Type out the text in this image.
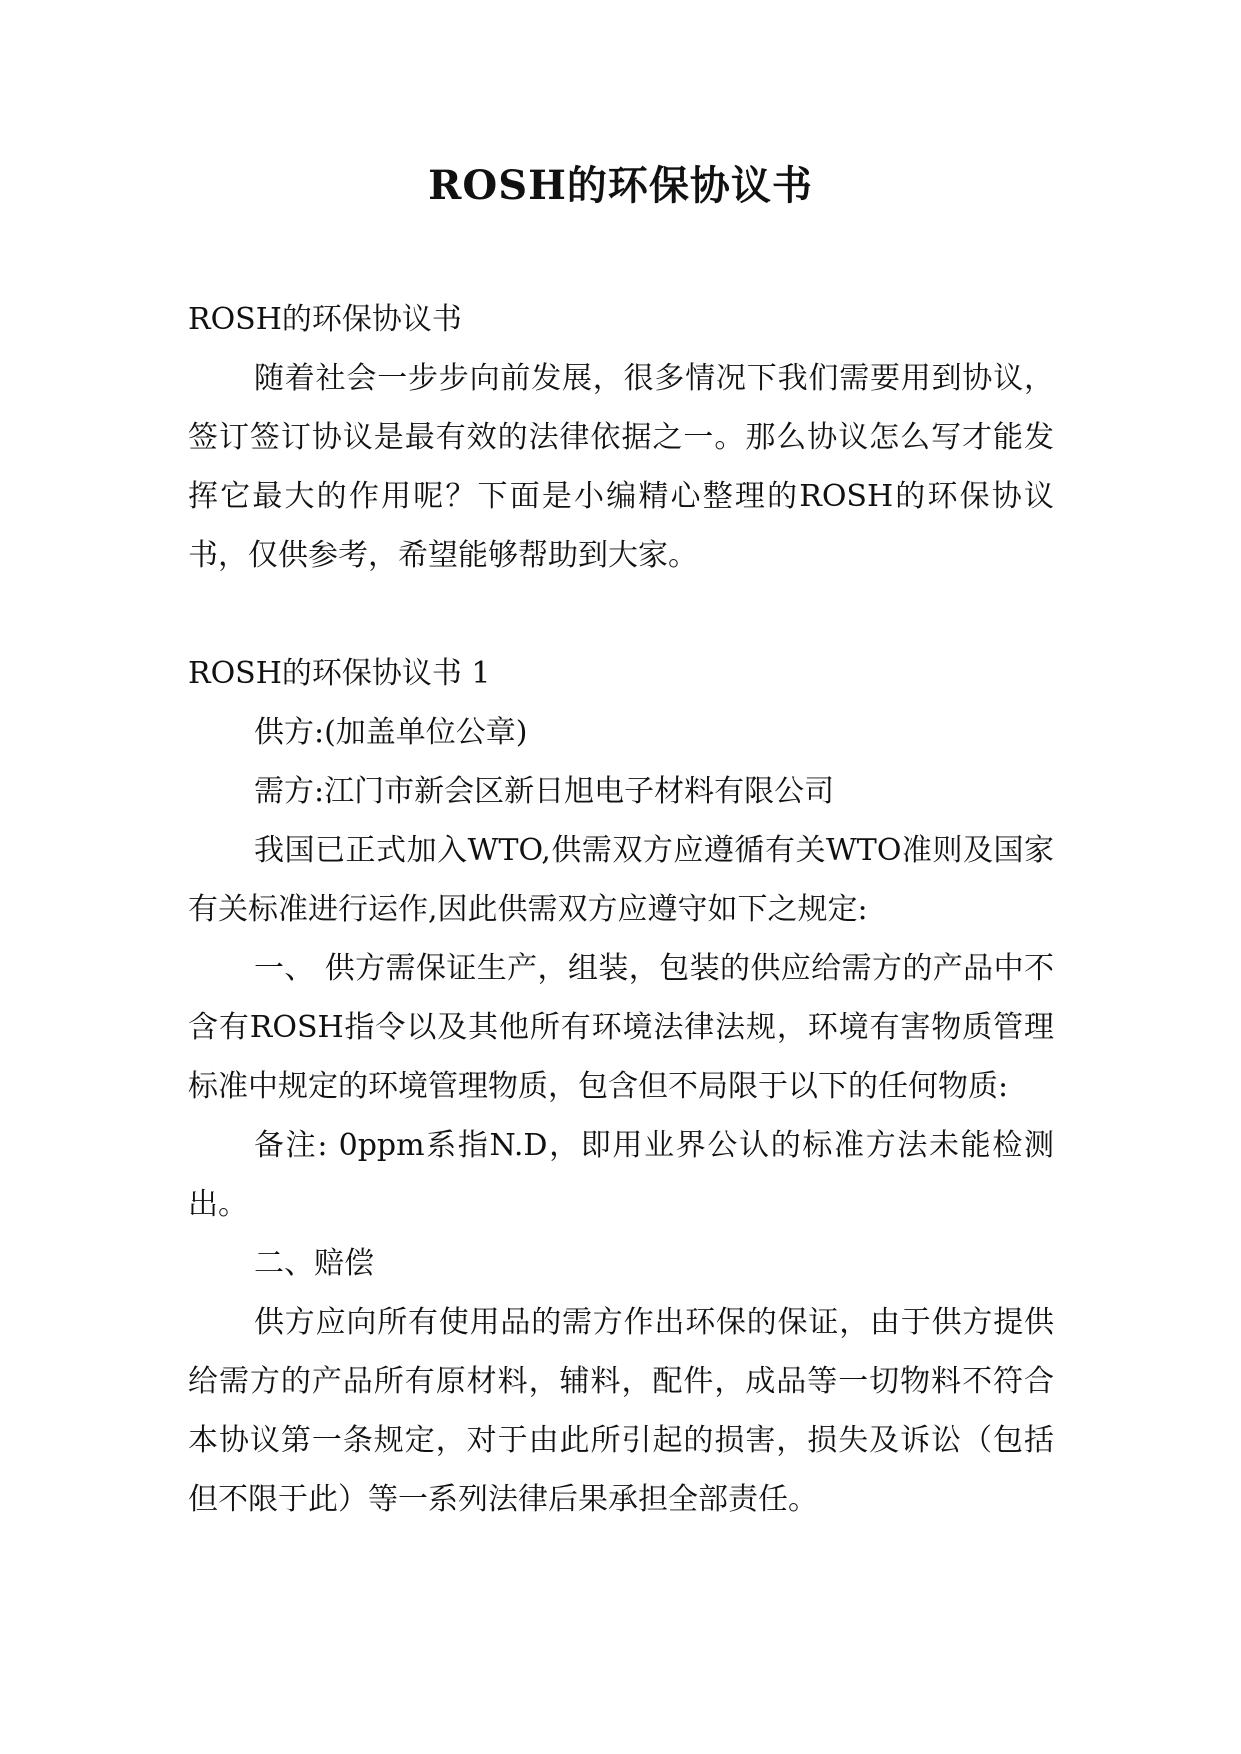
ROSH的环保协议书

ROSH的环保协议书

随着社会一步步向前发展，很多情况下我们需要用到协议，签订签订协议是最有效的法律依据之一。那么协议怎么写才能发挥它最大的作用呢？下面是小编精心整理的ROSH的环保协议书，仅供参考，希望能够帮助到大家。

ROSH的环保协议书 1

供方:(加盖单位公章)

需方:江门市新会区新日旭电子材料有限公司

我国已正式加入WTO,供需双方应遵循有关WTO准则及国家有关标准进行运作,因此供需双方应遵守如下之规定:

一、 供方需保证生产，组装，包装的供应给需方的产品中不含有ROSH指令以及其他所有环境法律法规，环境有害物质管理标准中规定的环境管理物质，包含但不局限于以下的任何物质:

备注: 0ppm系指N.D，即用业界公认的标准方法未能检测出。

二、赔偿

供方应向所有使用品的需方作出环保的保证，由于供方提供给需方的产品所有原材料，辅料，配件，成品等一切物料不符合本协议第一条规定，对于由此所引起的损害，损失及诉讼（包括但不限于此）等一系列法律后果承担全部责任。
